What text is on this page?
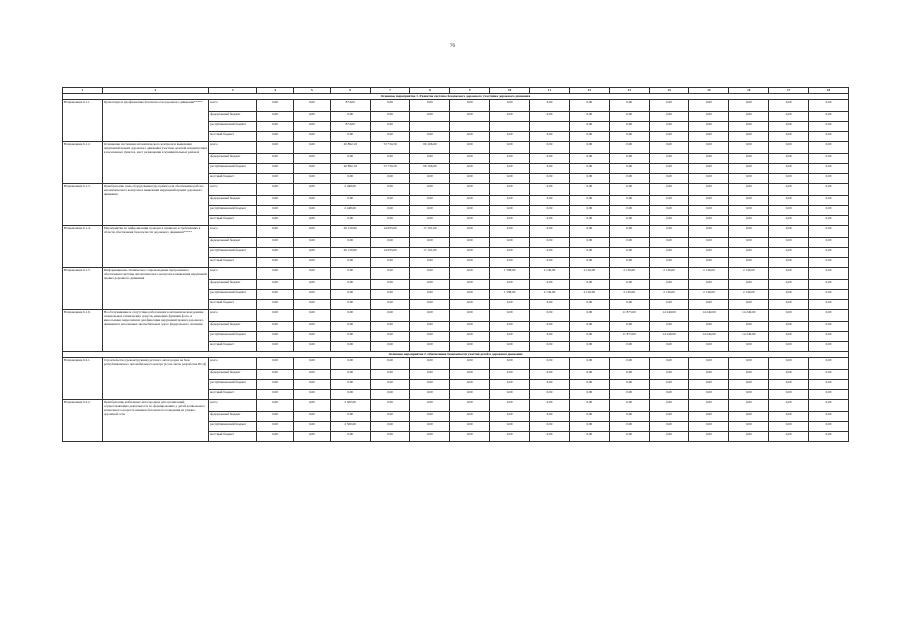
76
1	2	3	4	5	6	7	8	9	10	11	12	13	14	15	16	17	18
Основное мероприятие 1. Развитие системы безопасного дорожного участника дорожного движения																	
Направление 6.1.1.	Пропаганда и профилактика безопасности дорожного движения*****	всего	0,00	0,00	874,00	0,00	0,00	0,00	0,00	0,00	0,00	0,00	0,00	0,00	0,00	0,00	0,00
		федеральный бюджет	0,00	0,00	0,00	0,00	0,00	0,00	0,00	0,00	0,00	0,00	0,00	0,00	0,00	0,00	0,00
		республиканский бюджет	0,00	0,00	874,00	0,00					0,00	0,00	0,00	0,00	0,00	0,00	0,00
		местный бюджет	0,00	0,00	0,00	0,00	0,00	0,00	0,00	0,00	0,00	0,00	0,00	0,00	0,00	0,00	0,00
Направление 6.1.2.	Оснащение системами автоматического контроля и выявления нарушений правил дорожного движения участков опасной концентрации в населенных пунктах, мест размещения в муниципальных районах	всего	0,00	0,00	20 892,19	72 734,50	66 166,60	0,00	0,00	0,00	0,00	0,00	0,00	0,00	0,00	0,00	0,00
		федеральный бюджет	0,00	0,00	0,00	0,00	0,00	0,00	0,00	0,00	0,00	0,00	0,00	0,00	0,00	0,00	0,00
		республиканский бюджет	0,00	0,00	20 892,19	72 734,50	66 166,60	0,00	0,00	0,00	0,00	0,00	0,00	0,00	0,00	0,00	0,00
		местный бюджет	0,00	0,00	0,00	0,00	0,00	0,00	0,00	0,00	0,00	0,00	0,00	0,00	0,00	0,00	0,00
Направление 6.1.3.	Приобретение спец-оборудования (программ) для обеспечения работы автоматического контроля и выявления нарушений правил дорожного движения	всего	0,00	0,00	2 448,00	0,00	0,00	0,00	0,00	0,00	0,00	0,00	0,00	0,00	0,00	0,00	0,00
		федеральный бюджет	0,00	0,00	0,00	0,00	0,00	0,00	0,00	0,00	0,00	0,00	0,00	0,00	0,00	0,00	0,00
		республиканский бюджет	0,00	0,00	2 448,00	0,00	0,00	0,00	0,00	0,00	0,00	0,00	0,00	0,00	0,00	0,00	0,00
		местный бюджет	0,00	0,00	0,00	0,00	0,00	0,00	0,00	0,00	0,00	0,00	0,00	0,00	0,00	0,00	0,00
Направление 6.1.4.	Мероприятия по цифровизации граждан в правилах и требованиях в области обеспечения безопасности дорожного движения*****	всего	0,00	0,00	20 150,00	14 093,00	17 191,60	0,00	0,00	0,00	0,00	0,00	0,00	0,00	0,00	0,00	0,00
		федеральный бюджет	0,00	0,00	0,00	0,00	0,00	0,00	0,00	0,00	0,00	0,00	0,00	0,00	0,00	0,00	0,00
		республиканский бюджет	0,00	0,00	20 150,00	14 093,00	17 191,60	0,00	0,00	0,00	0,00	0,00	0,00	0,00	0,00	0,00	0,00
		местный бюджет	0,00	0,00	0,00	0,00	0,00	0,00	0,00	0,00	0,00	0,00	0,00	0,00	0,00	0,00	0,00
Направление 6.1.5.	Информационно-техническое сопровождение программного обеспечения системы автоматического контроля и выявления нарушений правил дорожного движения	всего	0,00	0,00	0,00	0,00	0,00	0,00	1 598,00	2 136,00	2 136,00	2 136,00	2 136,00	2 136,00	2 136,00	0,00	0,00
		федеральный бюджет	0,00	0,00	0,00	0,00	0,00	0,00	0,00	0,00	0,00	0,00	0,00	0,00	0,00	0,00	0,00
		республиканский бюджет	0,00	0,00	0,00	0,00	0,00	0,00	1 598,00	2 136,00	2 136,00	2 136,00	2 136,00	2 136,00	2 136,00	0,00	0,00
		местный бюджет	0,00	0,00	0,00	0,00	0,00	0,00	0,00	0,00	0,00	0,00	0,00	0,00	0,00	0,00	0,00
Направление 6.1.6.	На обслуживание и сопутствие работающих в автоматическом режиме специальных технических средств, имеющих функции фото- и киносъемки, видеозаписи для фиксации нарушений правил дорожного движения в населенных автомобильных дорог федерального значения	всего	0,00	0,00	0,00	0,00	0,00	0,00	0,00	0,00	0,00	11 875,00	14 249,00	14 249,00	14 249,00	0,00	0,00
		федеральный бюджет	0,00	0,00	0,00	0,00	0,00	0,00	0,00	0,00	0,00	0,00	0,00	0,00	0,00	0,00	0,00
		республиканский бюджет	0,00	0,00	0,00	0,00	0,00	0,00	0,00	0,00	0,00	11 875,00	14 249,00	14 249,00	14 249,00	0,00	0,00
		местный бюджет	0,00	0,00	0,00	0,00	0,00	0,00	0,00	0,00	0,00	0,00	0,00	0,00	0,00	0,00	0,00
Основное мероприятие 2. Обеспечение безопасности участия детей в дорожном движении																	
Направление 6.2.1.	Строительство (реконструкция) детского автогородка на базе республиканского автомобильного центра (в том числе разработка ПСД)	всего	0,00	0,00	0,00	0,00	0,00	0,00	0,00	0,00	0,00	0,00	0,00	0,00	0,00	0,00	0,00
		федеральный бюджет	0,00	0,00	0,00	0,00	0,00	0,00	0,00	0,00	0,00	0,00	0,00	0,00	0,00	0,00	0,00
		республиканский бюджет	0,00	0,00	0,00	0,00	0,00	0,00	0,00	0,00	0,00	0,00	0,00	0,00	0,00	0,00	0,00
		местный бюджет	0,00	0,00	0,00	0,00	0,00	0,00	0,00	0,00	0,00	0,00	0,00	0,00	0,00	0,00	0,00
Направление 6.2.2.	Приобретение мобильных автогородков для организаций, осуществляющих деятельность по формированию у детей дошкольного и школьного возраста навыков безопасного поведения на улично-дорожной сети	всего	0,00	0,00	2 500,00	0,00	0,00	0,00	0,00	0,00	0,00	0,00	0,00	0,00	0,00	0,00	0,00
		федеральный бюджет	0,00	0,00	0,00	0,00	0,00	0,00	0,00	0,00	0,00	0,00	0,00	0,00	0,00	0,00	0,00
		республиканский бюджет	0,00	0,00	2 500,00	0,00	0,00	0,00	0,00	0,00	0,00	0,00	0,00	0,00	0,00	0,00	0,00
		местный бюджет	0,00	0,00	0,00	0,00	0,00	0,00	0,00	0,00	0,00	0,00	0,00	0,00	0,00	0,00	0,00
